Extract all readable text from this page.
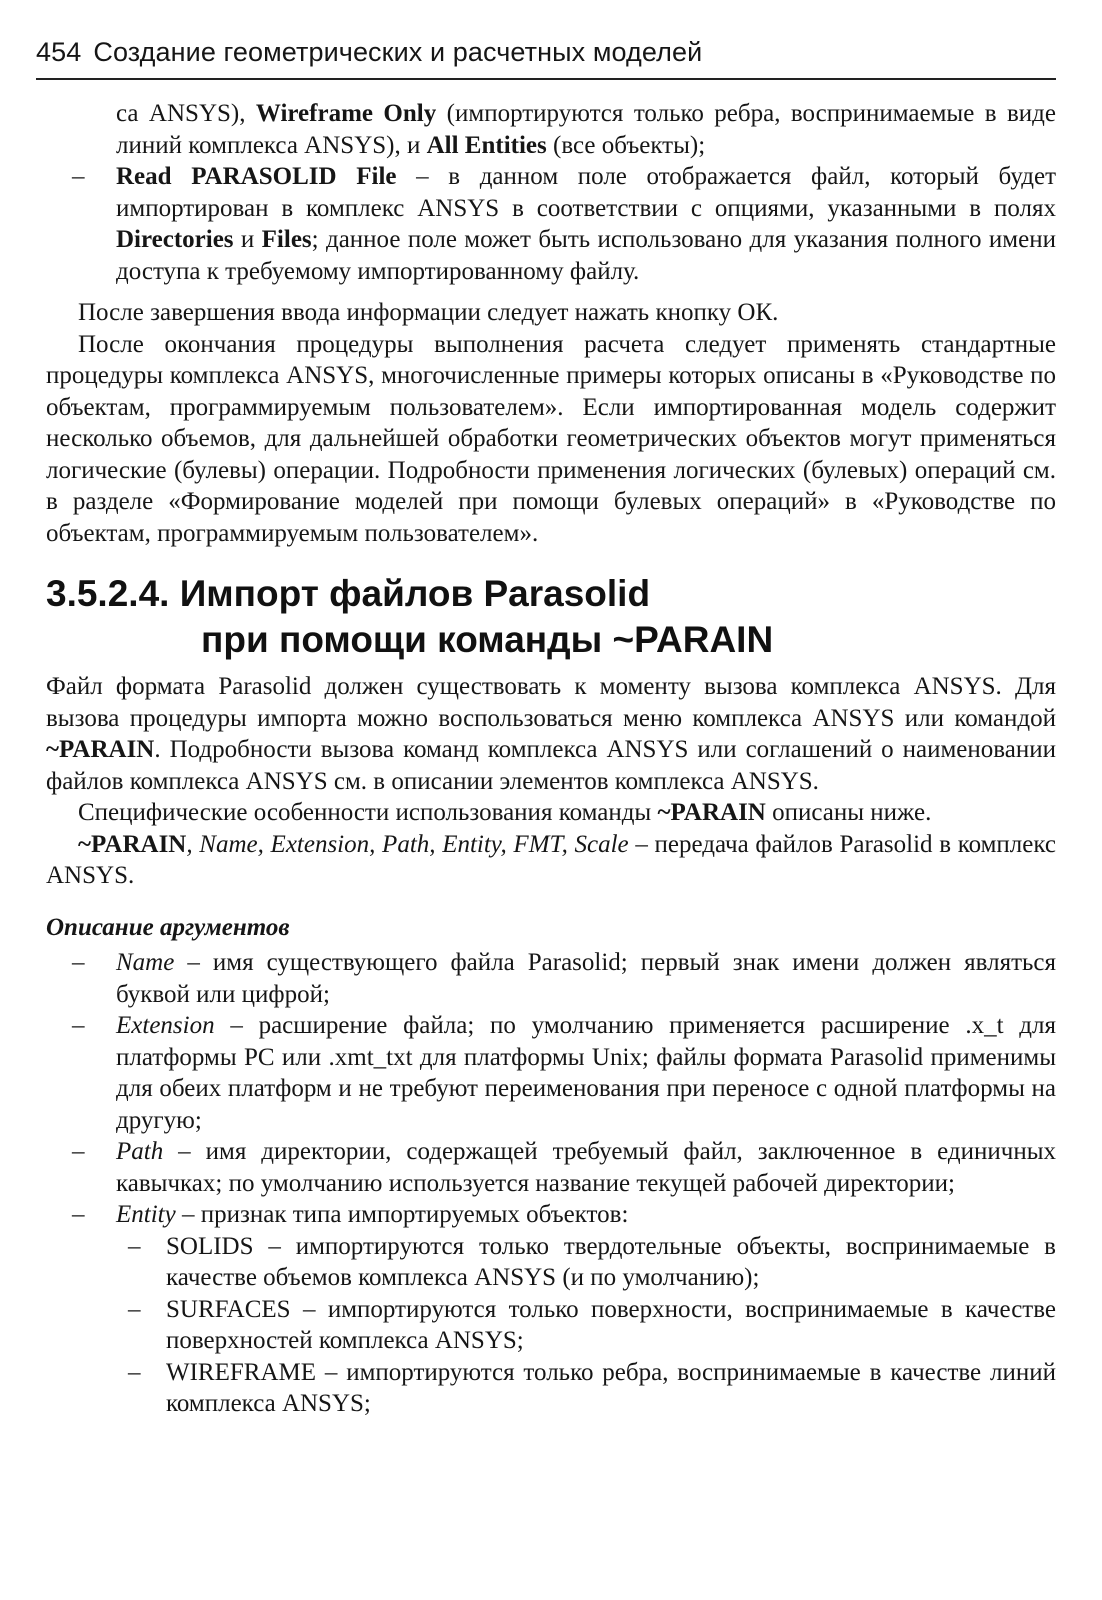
454 Создание геометрических и расчетных моделей

са ANSYS), Wireframe Only (импортируются только ребра, воспринимаемые в виде линий комплекса ANSYS), и All Entities (все объекты);

– Read PARASOLID File – в данном поле отображается файл, который будет импортирован в комплекс ANSYS в соответствии с опциями, указанными в полях Directories и Files; данное поле может быть использовано для указания полного имени доступа к требуемому импортированному файлу.

После завершения ввода информации следует нажать кнопку ОК.

После окончания процедуры выполнения расчета следует применять стандартные процедуры комплекса ANSYS, многочисленные примеры которых описаны в «Руководстве по объектам, программируемым пользователем». Если импортированная модель содержит несколько объемов, для дальнейшей обработки геометрических объектов могут применяться логические (булевы) операции. Подробности применения логических (булевых) операций см. в разделе «Формирование моделей при помощи булевых операций» в «Руководстве по объектам, программируемым пользователем».

3.5.2.4. Импорт файлов Parasolid
при помощи команды ~PARAIN

Файл формата Parasolid должен существовать к моменту вызова комплекса ANSYS. Для вызова процедуры импорта можно воспользоваться меню комплекса ANSYS или командой ~PARAIN. Подробности вызова команд комплекса ANSYS или соглашений о наименовании файлов комплекса ANSYS см. в описании элементов комплекса ANSYS.

Специфические особенности использования команды ~PARAIN описаны ниже.

~PARAIN, Name, Extension, Path, Entity, FMT, Scale – передача файлов Parasolid в комплекс ANSYS.

Описание аргументов

– Name – имя существующего файла Parasolid; первый знак имени должен являться буквой или цифрой;

– Extension – расширение файла; по умолчанию применяется расширение .x_t для платформы PC или .xmt_txt для платформы Unix; файлы формата Parasolid применимы для обеих платформ и не требуют переименования при переносе с одной платформы на другую;

– Path – имя директории, содержащей требуемый файл, заключенное в единичных кавычках; по умолчанию используется название текущей рабочей директории;

– Entity – признак типа импортируемых объектов:

– SOLIDS – импортируются только твердотельные объекты, воспринимаемые в качестве объемов комплекса ANSYS (и по умолчанию);

– SURFACES – импортируются только поверхности, воспринимаемые в качестве поверхностей комплекса ANSYS;

– WIREFRAME – импортируются только ребра, воспринимаемые в качестве линий комплекса ANSYS;
